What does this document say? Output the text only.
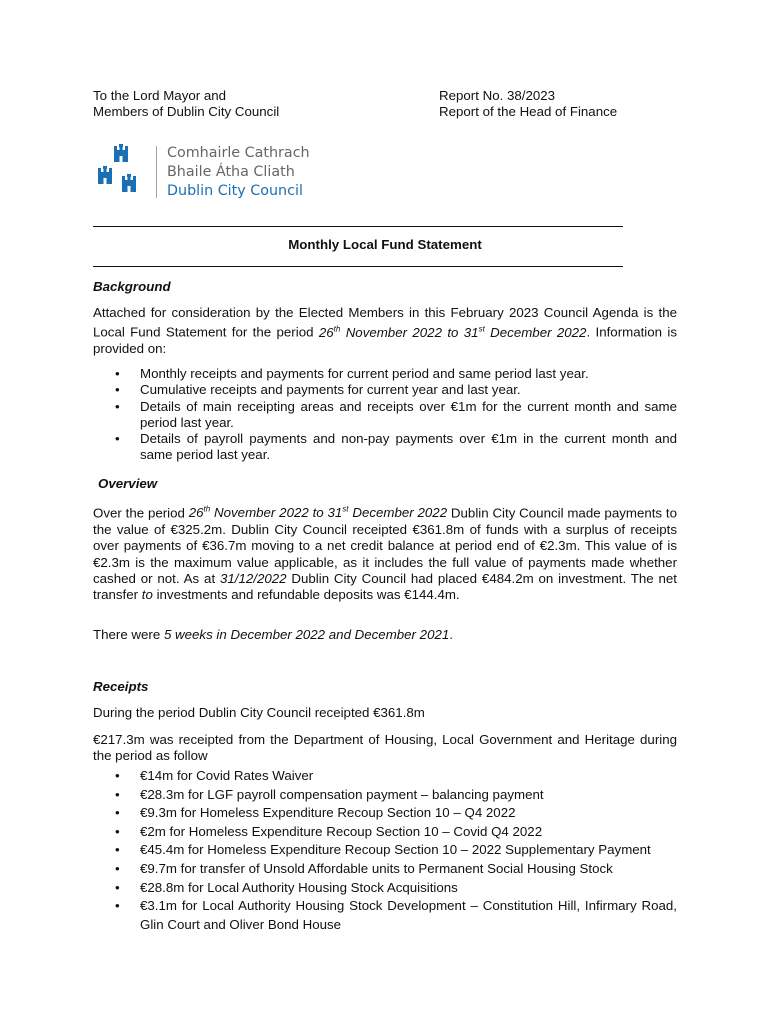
To the Lord Mayor and
Members of Dublin City Council
Report No. 38/2023
Report of the Head of Finance
Comhairle Cathrach
Bhaile Átha Cliath
Dublin City Council
Monthly Local Fund Statement
Background

Attached for consideration by the Elected Members in this February 2023 Council Agenda is the Local Fund Statement for the period 26th November 2022 to 31st December 2022. Information is provided on:

• Monthly receipts and payments for current period and same period last year.
• Cumulative receipts and payments for current year and last year.
• Details of main receipting areas and receipts over €1m for the current month and same period last year.
• Details of payroll payments and non-pay payments over €1m in the current month and same period last year.
Overview

Over the period 26th November 2022 to 31st December 2022 Dublin City Council made payments to the value of €325.2m. Dublin City Council receipted €361.8m of funds with a surplus of receipts over payments of €36.7m moving to a net credit balance at period end of €2.3m. This value of is €2.3m is the maximum value applicable, as it includes the full value of payments made whether cashed or not. As at 31/12/2022 Dublin City Council had placed €484.2m on investment. The net transfer to investments and refundable deposits was €144.4m.

There were 5 weeks in December 2022 and December 2021.

Receipts
During the period Dublin City Council receipted €361.8m
€217.3m was receipted from the Department of Housing, Local Government and Heritage during the period as follow
• €14m for Covid Rates Waiver
• €28.3m for LGF payroll compensation payment – balancing payment
• €9.3m for Homeless Expenditure Recoup Section 10 – Q4 2022
• €2m for Homeless Expenditure Recoup Section 10 – Covid Q4 2022
• €45.4m for Homeless Expenditure Recoup Section 10 – 2022 Supplementary Payment
• €9.7m for transfer of Unsold Affordable units to Permanent Social Housing Stock
• €28.8m for Local Authority Housing Stock Acquisitions
• €3.1m for Local Authority Housing Stock Development – Constitution Hill, Infirmary Road, Glin Court and Oliver Bond House
